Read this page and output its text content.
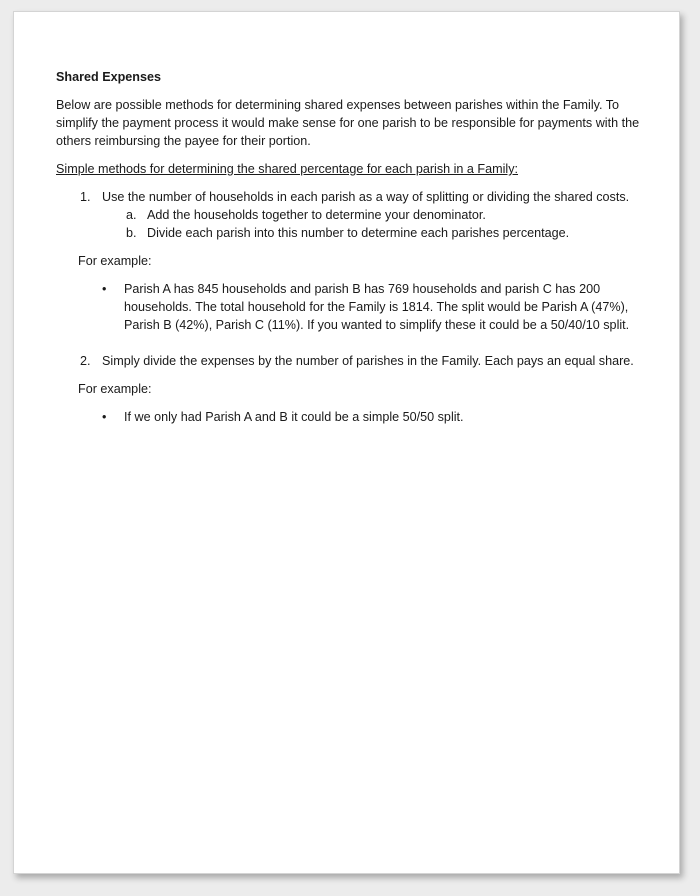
Shared Expenses
Below are possible methods for determining shared expenses between parishes within the Family. To simplify the payment process it would make sense for one parish to be responsible for payments with the others reimbursing the payee for their portion.
Simple methods for determining the shared percentage for each parish in a Family:
1. Use the number of households in each parish as a way of splitting or dividing the shared costs.
a. Add the households together to determine your denominator.
b. Divide each parish into this number to determine each parishes percentage.
For example:
• Parish A has 845 households and parish B has 769 households and parish C has 200 households. The total household for the Family is 1814. The split would be Parish A (47%), Parish B (42%), Parish C (11%). If you wanted to simplify these it could be a 50/40/10 split.
2. Simply divide the expenses by the number of parishes in the Family. Each pays an equal share.
For example:
• If we only had Parish A and B it could be a simple 50/50 split.
